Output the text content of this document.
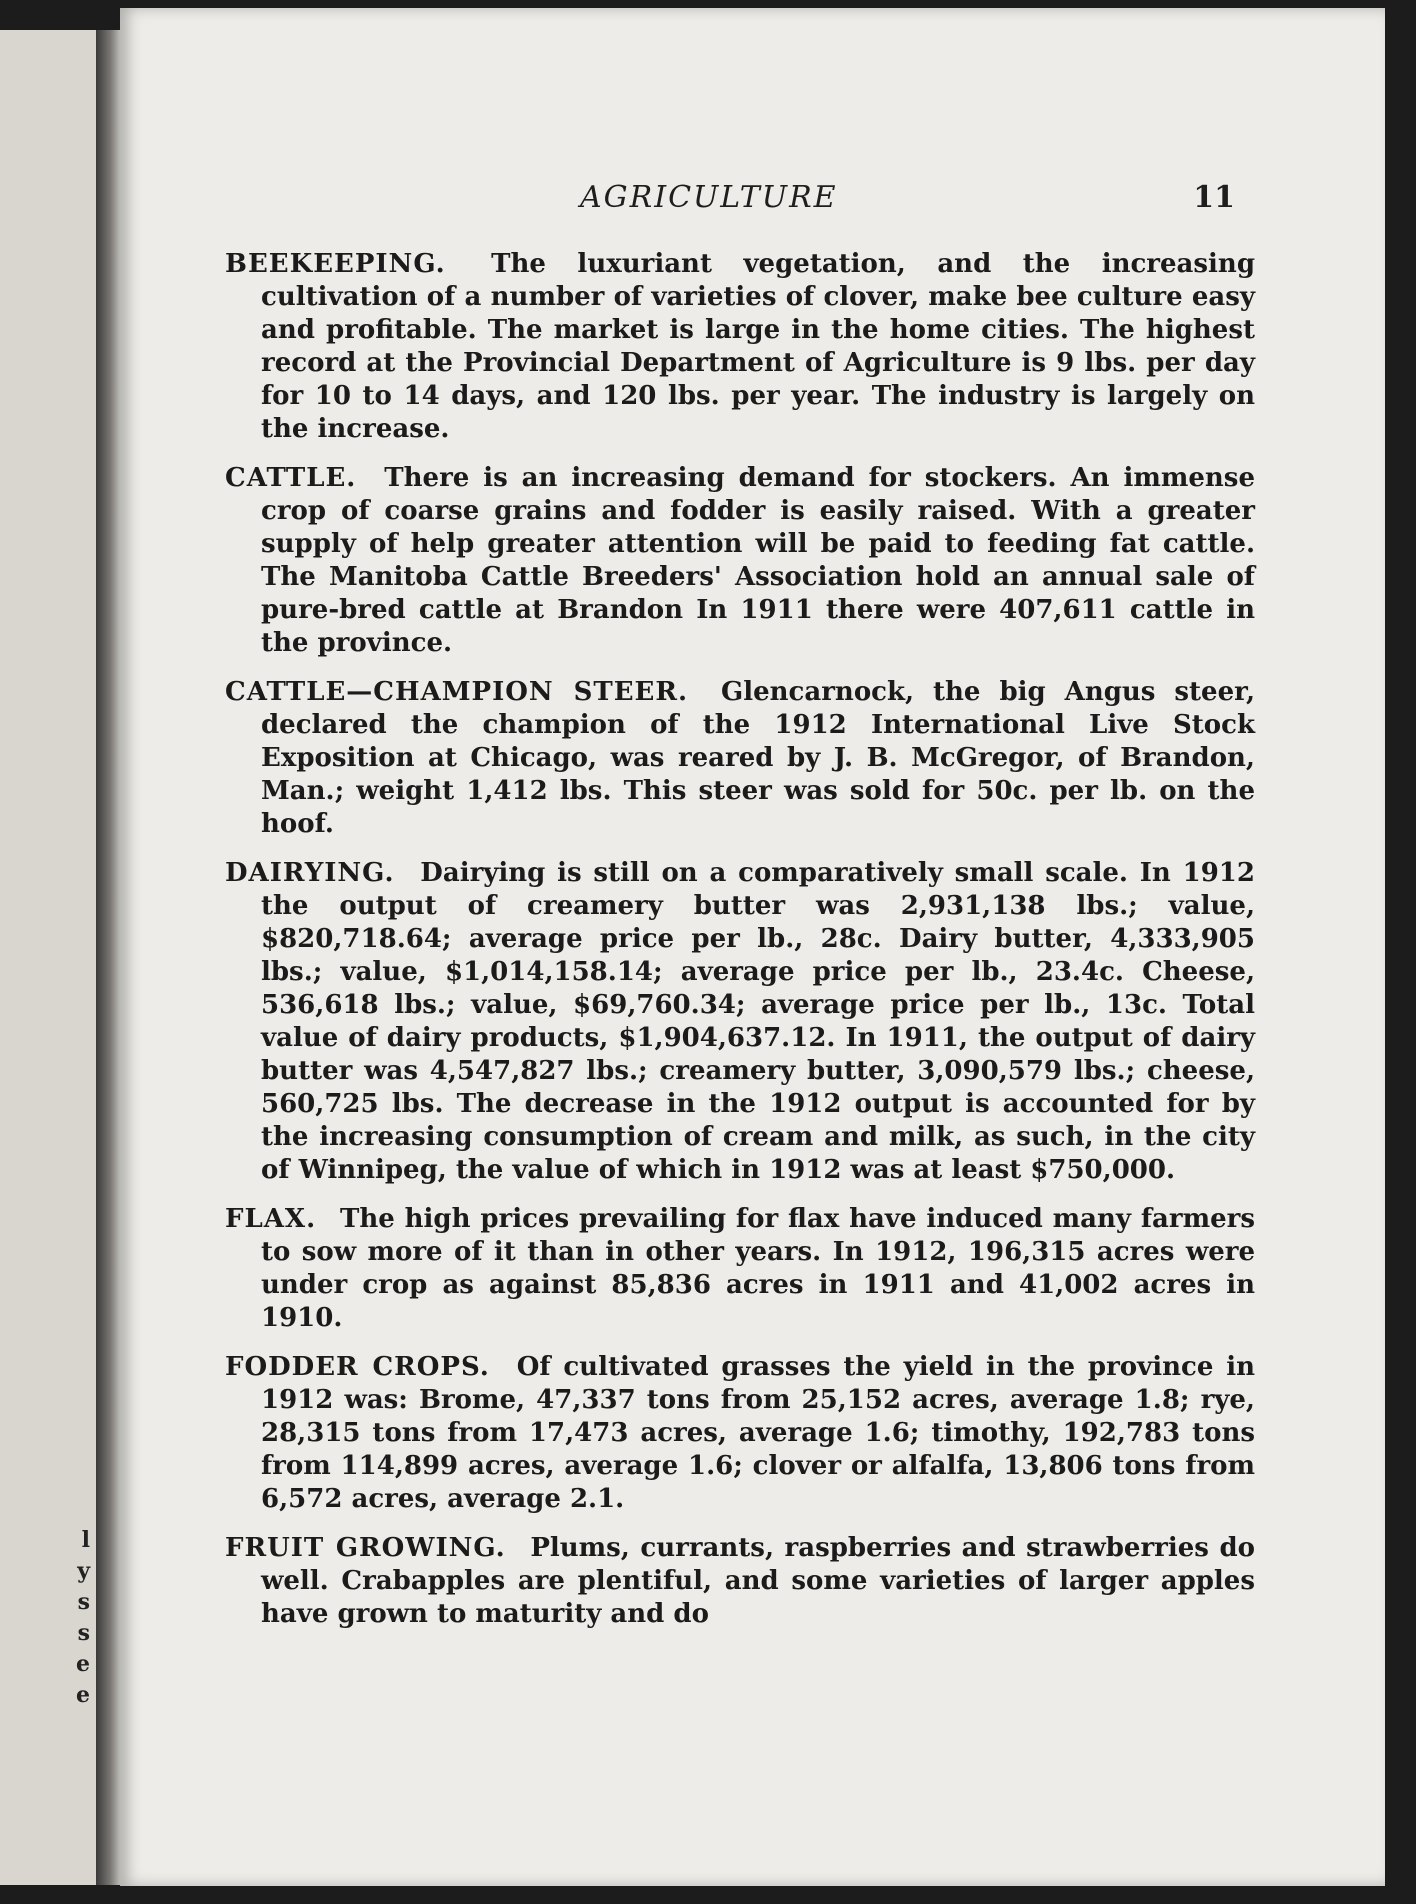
l
y
s
s
e
e
AGRICULTURE	11

BEEKEEPING. The luxuriant vegetation, and the increasing cultivation of a number of varieties of clover, make bee culture easy and profitable. The market is large in the home cities. The highest record at the Provincial Department of Agriculture is 9 lbs. per day for 10 to 14 days, and 120 lbs. per year. The industry is largely on the increase.

CATTLE. There is an increasing demand for stockers. An immense crop of coarse grains and fodder is easily raised. With a greater supply of help greater attention will be paid to feeding fat cattle. The Manitoba Cattle Breeders' Association hold an annual sale of pure-bred cattle at Brandon In 1911 there were 407,611 cattle in the province.

CATTLE—CHAMPION STEER. Glencarnock, the big Angus steer, declared the champion of the 1912 International Live Stock Exposition at Chicago, was reared by J. B. McGregor, of Brandon, Man.; weight 1,412 lbs. This steer was sold for 50c. per lb. on the hoof.

DAIRYING. Dairying is still on a comparatively small scale. In 1912 the output of creamery butter was 2,931,138 lbs.; value, $820,718.64; average price per lb., 28c. Dairy butter, 4,333,905 lbs.; value, $1,014,158.14; average price per lb., 23.4c. Cheese, 536,618 lbs.; value, $69,760.34; average price per lb., 13c. Total value of dairy products, $1,904,637.12. In 1911, the output of dairy butter was 4,547,827 lbs.; creamery butter, 3,090,579 lbs.; cheese, 560,725 lbs. The decrease in the 1912 output is accounted for by the increasing consumption of cream and milk, as such, in the city of Winnipeg, the value of which in 1912 was at least $750,000.

FLAX. The high prices prevailing for flax have induced many farmers to sow more of it than in other years. In 1912, 196,315 acres were under crop as against 85,836 acres in 1911 and 41,002 acres in 1910.

FODDER CROPS. Of cultivated grasses the yield in the province in 1912 was: Brome, 47,337 tons from 25,152 acres, average 1.8; rye, 28,315 tons from 17,473 acres, average 1.6; timothy, 192,783 tons from 114,899 acres, average 1.6; clover or alfalfa, 13,806 tons from 6,572 acres, average 2.1.

FRUIT GROWING. Plums, currants, raspberries and strawberries do well. Crabapples are plentiful, and some varieties of larger apples have grown to maturity and do
